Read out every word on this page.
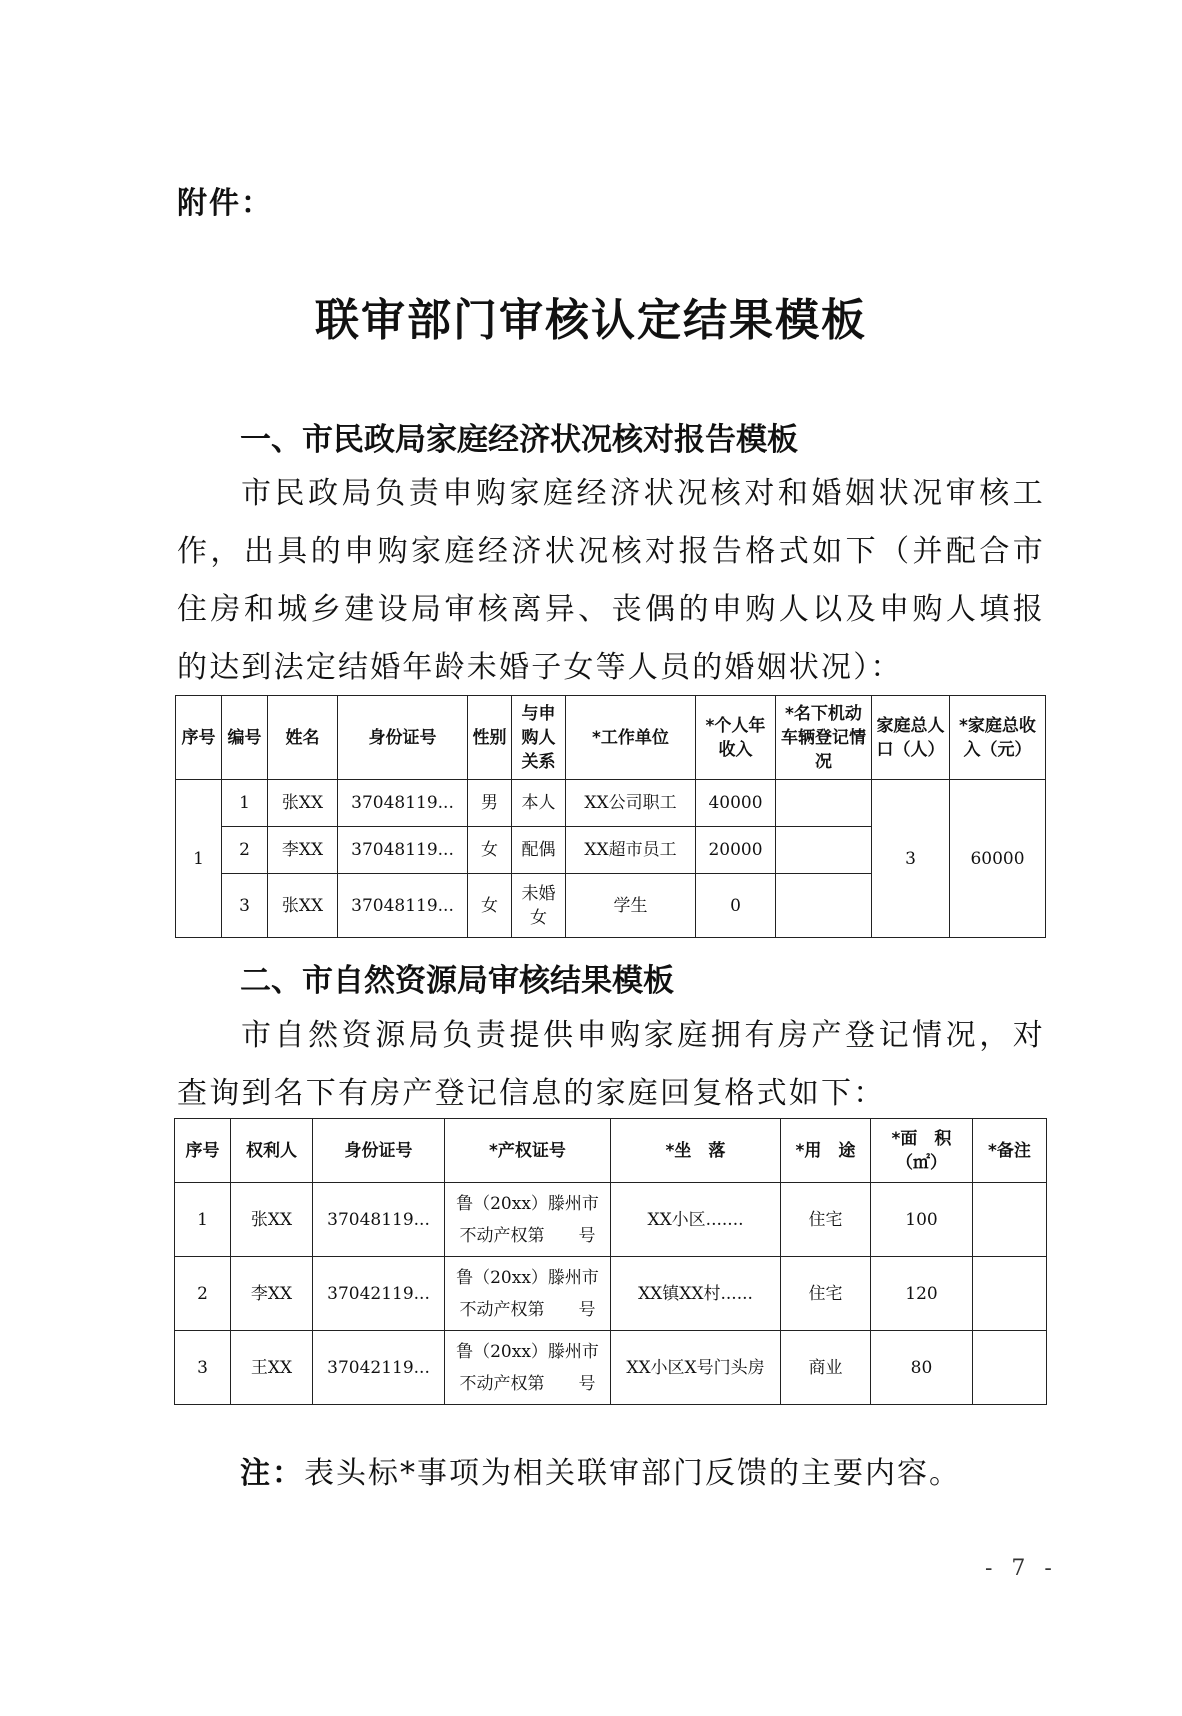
附件：
联审部门审核认定结果模板
一、市民政局家庭经济状况核对报告模板
市民政局负责申购家庭经济状况核对和婚姻状况审核工作，出具的申购家庭经济状况核对报告格式如下（并配合市住房和城乡建设局审核离异、丧偶的申购人以及申购人填报的达到法定结婚年龄未婚子女等人员的婚姻状况）：
序号	编号	姓名	身份证号	性别	与申购人关系	*工作单位	*个人年收入	*名下机动车辆登记情况	家庭总人口（人）	*家庭总收入（元）
1	1	张XX	37048119...	男	本人	XX公司职工	40000		3	60000
	2	李XX	37048119...	女	配偶	XX超市员工	20000			
	3	张XX	37048119...	女	未婚女	学生	0			
二、市自然资源局审核结果模板
市自然资源局负责提供申购家庭拥有房产登记情况，对查询到名下有房产登记信息的家庭回复格式如下：
序号	权利人	身份证号	*产权证号	*坐　落	*用　途	*面　积（㎡）	*备注
1	张XX	37048119...	鲁（20xx）滕州市不动产权第　　号	XX小区.......	住宅	100	
2	李XX	37042119...	鲁（20xx）滕州市不动产权第　　号	XX镇XX村......	住宅	120	
3	王XX	37042119...	鲁（20xx）滕州市不动产权第　　号	XX小区X号门头房	商业	80	
注：表头标*事项为相关联审部门反馈的主要内容。
- 7 -
